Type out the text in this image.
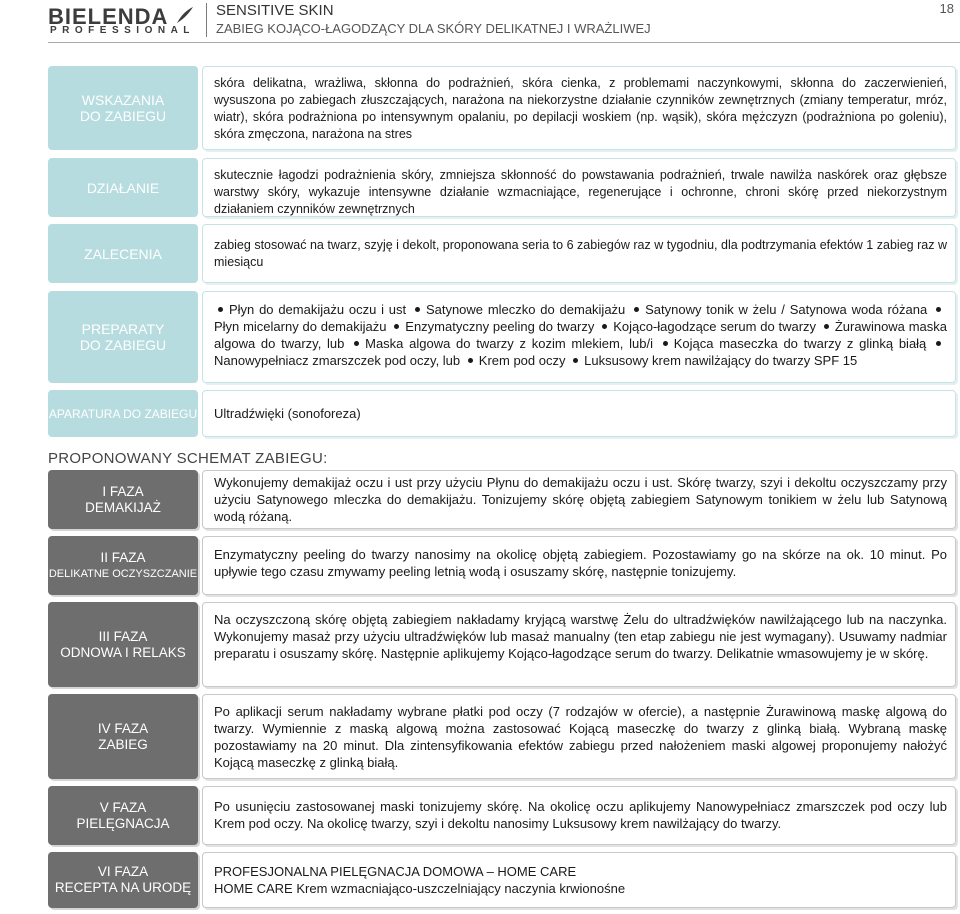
BIELENDA
PROFESSIONAL
SENSITIVE SKIN
ZABIEG KOJĄCO-ŁAGODZĄCY DLA SKÓRY DELIKATNEJ I WRAŻLIWEJ
18
WSKAZANIA
DO ZABIEGU
skóra delikatna, wrażliwa, skłonna do podrażnień, skóra cienka, z problemami naczynkowymi, skłonna do zaczerwienień, wysuszona po zabiegach złuszczających, narażona na niekorzystne działanie czynników zewnętrznych (zmiany temperatur, mróz, wiatr), skóra podrażniona po intensywnym opalaniu, po depilacji woskiem (np. wąsik), skóra mężczyzn (podrażniona po goleniu), skóra zmęczona, narażona na stres
DZIAŁANIE
skutecznie łagodzi podrażnienia skóry, zmniejsza skłonność do powstawania podrażnień, trwale nawilża naskórek oraz głębsze warstwy skóry, wykazuje intensywne działanie wzmacniające, regenerujące i ochronne, chroni skórę przed niekorzystnym działaniem czynników zewnętrznych
ZALECENIA
zabieg stosować na twarz, szyję i dekolt, proponowana seria to 6 zabiegów raz w tygodniu, dla podtrzymania efektów 1 zabieg raz w miesiącu
PREPARATY
DO ZABIEGU
Płyn do demakijażu oczu i ust Satynowe mleczko do demakijażu Satynowy tonik w żelu / Satynowa woda różana Płyn micelarny do demakijażu Enzymatyczny peeling do twarzy Kojąco-łagodzące serum do twarzy Żurawinowa maska algowa do twarzy, lub Maska algowa do twarzy z kozim mlekiem, lub/i Kojąca maseczka do twarzy z glinką białą Nanowypełniacz zmarszczek pod oczy, lub Krem pod oczy Luksusowy krem nawilżający do twarzy SPF 15
APARATURA DO ZABIEGU	Ultradźwięki (sonoforeza)
PROPONOWANY SCHEMAT ZABIEGU:
I FAZA
DEMAKIJAŻ
Wykonujemy demakijaż oczu i ust przy użyciu Płynu do demakijażu oczu i ust. Skórę twarzy, szyi i dekoltu oczyszczamy przy użyciu Satynowego mleczka do demakijażu. Tonizujemy skórę objętą zabiegiem Satynowym tonikiem w żelu lub Satynową wodą różaną.
II FAZA
DELIKATNE OCZYSZCZANIE
Enzymatyczny peeling do twarzy nanosimy na okolicę objętą zabiegiem. Pozostawiamy go na skórze na ok. 10 minut. Po upływie tego czasu zmywamy peeling letnią wodą i osuszamy skórę, następnie tonizujemy.
III FAZA
ODNOWA I RELAKS
Na oczyszczoną skórę objętą zabiegiem nakładamy kryjącą warstwę Żelu do ultradźwięków nawilżającego lub na naczynka. Wykonujemy masaż przy użyciu ultradźwięków lub masaż manualny (ten etap zabiegu nie jest wymagany). Usuwamy nadmiar preparatu i osuszamy skórę. Następnie aplikujemy Kojąco-łagodzące serum do twarzy. Delikatnie wmasowujemy je w skórę.
IV FAZA
ZABIEG
Po aplikacji serum nakładamy wybrane płatki pod oczy (7 rodzajów w ofercie), a następnie Żurawinową maskę algową do twarzy. Wymiennie z maską algową można zastosować Kojącą maseczkę do twarzy z glinką białą. Wybraną maskę pozostawiamy na 20 minut. Dla zintensyfikowania efektów zabiegu przed nałożeniem maski algowej proponujemy nałożyć Kojącą maseczkę z glinką białą.
V FAZA
PIELĘGNACJA
Po usunięciu zastosowanej maski tonizujemy skórę. Na okolicę oczu aplikujemy Nanowypełniacz zmarszczek pod oczy lub Krem pod oczy. Na okolicę twarzy, szyi i dekoltu nanosimy Luksusowy krem nawilżający do twarzy.
VI FAZA
RECEPTA NA URODĘ
PROFESJONALNA PIELĘGNACJA DOMOWA – HOME CARE
HOME CARE Krem wzmacniająco-uszczelniający naczynia krwionośne
